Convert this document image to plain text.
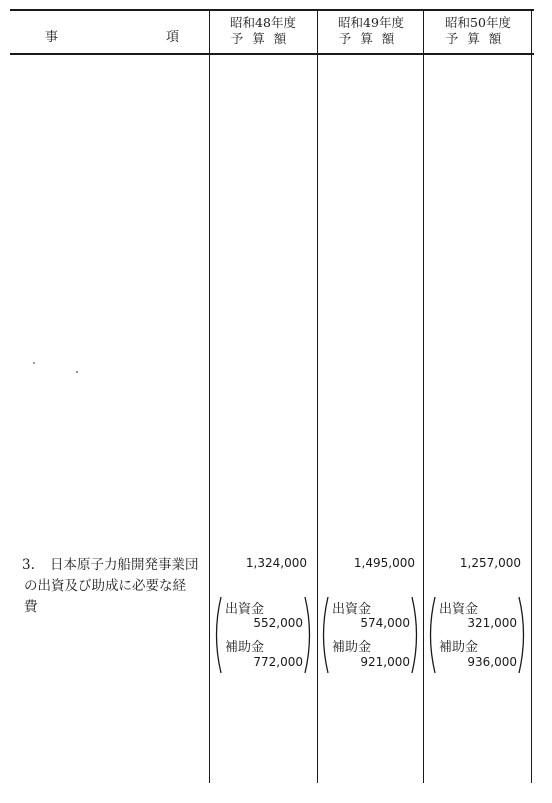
事	項
昭和48年度
予算額
昭和49年度
予算額
昭和50年度
予算額
3. 日本原子力船開発事業団
の出資及び助成に必要な経
費
1,324,000
出資金
552,000
補助金
772,000
1,495,000
出資金
574,000
補助金
921,000
1,257,000
出資金
321,000
補助金
936,000
